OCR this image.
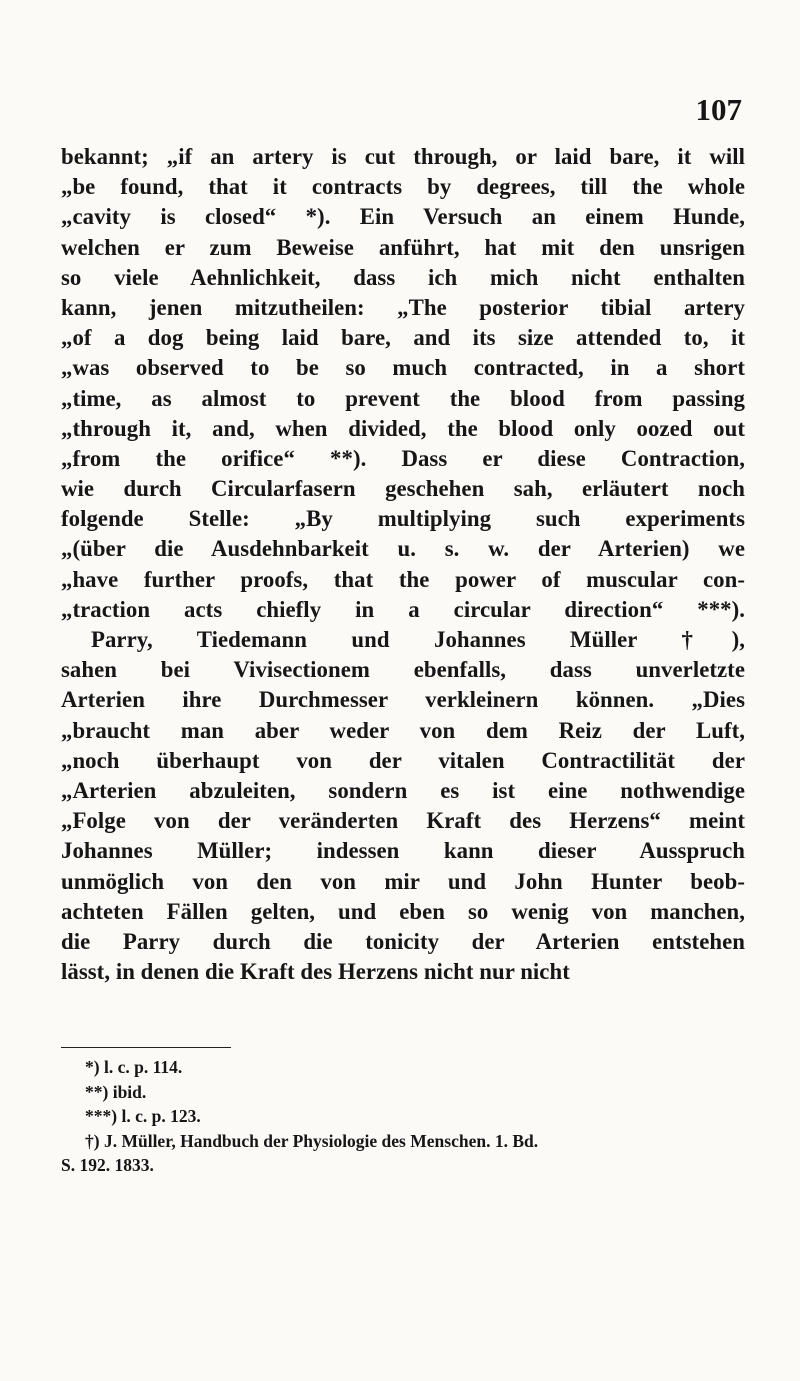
107
bekannt; „if an artery is cut through, or laid bare, it will
„be found, that it contracts by degrees, till the whole
„cavity is closed“ *). Ein Versuch an einem Hunde,
welchen er zum Beweise anführt, hat mit den unsrigen
so viele Aehnlichkeit, dass ich mich nicht enthalten
kann, jenen mitzutheilen: „The posterior tibial artery
„of a dog being laid bare, and its size attended to, it
„was observed to be so much contracted, in a short
„time, as almost to prevent the blood from passing
„through it, and, when divided, the blood only oozed out
„from the orifice“ **). Dass er diese Contraction,
wie durch Circularfasern geschehen sah, erläutert noch
folgende Stelle: „By multiplying such experiments
„(über die Ausdehnbarkeit u. s. w. der Arterien) we
„have further proofs, that the power of muscular con-
„traction acts chiefly in a circular direction“ ***).
Parry, Tiedemann und Johannes Müller †),
sahen bei Vivisectionem ebenfalls, dass unverletzte
Arterien ihre Durchmesser verkleinern können. „Dies
„braucht man aber weder von dem Reiz der Luft,
„noch überhaupt von der vitalen Contractilität der
„Arterien abzuleiten, sondern es ist eine nothwendige
„Folge von der veränderten Kraft des Herzens“ meint
Johannes Müller; indessen kann dieser Ausspruch
unmöglich von den von mir und John Hunter beob-
achteten Fällen gelten, und eben so wenig von manchen,
die Parry durch die tonicity der Arterien entstehen
lässt, in denen die Kraft des Herzens nicht nur nicht
*) l. c. p. 114.
**) ibid.
***) l. c. p. 123.
†) J. Müller, Handbuch der Physiologie des Menschen. 1. Bd.
S. 192. 1833.
